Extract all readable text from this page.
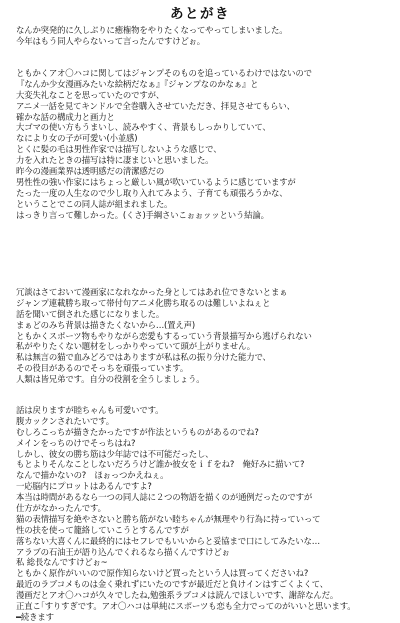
あとがき
なんか突発的に久しぶりに癒権物をやりたくなってやってしまいました。
今年はもう同人やらないって言ったんですけどぉ。
ともかくアオ〇ハコに関してはジャンプそのものを追っているわけではないので
『なんか少女漫画みたいな絵柄だなぁ』『ジャンプなのかなぁ』と
大変失礼なことを思っていたのですが、
アニメ一話を見てキンドルで全巻購入させていただき、拝見させてもらい、
確かな話の構成力と画力と
大ゴマの使い方もうまいし、読みやすく、背景もしっかりしていて、
なにより女の子が可愛い(小並感)
とくに髪の毛は男性作家では描写しないような感じで、
力を入れたときの描写は特に凄まじいと思いました。
昨今の漫画業界は透明感だの清潔感だの
男性性の強い作家にはちょっと厳しい風が吹いているように感じていますが
たった一度の人生なので少し取り入れてみよう、子育ても頑張ろうかな、
ということでこの同人誌が組まれました。
はっきり言って難しかった。(くさ)手綱さいこぉぉッッという結論。
冗談はさておいて漫画家になれなかった身としてはあれ位できないとまぁ
ジャンプ連載勝ち取って帯付句アニメ化勝ち取るのは難しいよねぇと
話を聞いて倒された感じになりました。
まぁどのみち背景は描きたくないから…(置え声)
ともかくスポーツ物もやりながら恋愛もするっていう背景描写から逃げられない
私がやりたくない題材をしっかりやっていて頭が上がりません。
私は無言の猫で血みどろではありますが私は私の振り分けた能力で、
その役目があるのでそっちを頑張っています。
人類は皆兄弟です。自分の役割を全うしましょう。
話は戻りますが睦ちゃんも可愛いです。
腹カックンされたいです。
むしろこっちが描きたかったですが作法というものがあるのでね?
メインをっちのけでそっちはね?
しかし、彼女の勝ち筋は少年誌では不可能だったし、
もとよりそんなことしないだろうけど誰か彼女をｉｆをね?　俺好みに描いて?
なんで描かないの?　ほぉっつかえねぇ。
一応脳内にプロットはあるんですよ?
本当は時間があるなら一つの同人誌に２つの物語を描くのが通例だったのですが
仕方がなかったんです。
猫の表情描写を絶やさないと勝ち筋がない睦ちゃんが無理やり行為に持っていって
性の扶を使って籠絡していこうとするんですが
落ちない大喜くんに最終的にはセフレでもいいからと妥協まで口にしてみたいな…
アラブの石油王が語り込んでくれるなら描くんですけどぉ
私 総長なんですけどぉ~
ともかく原作がいいので原作知らないけど買ったという人は買ってくださいね?
最近のラブコメものは金く乗れずにいたのですが最近だと負けインはすごくよくて、
漫画だとアオ〇ハコが久々でしたね,勉強系ラブコメは読んでほしいです、謝辞なんだ。
正直こ｢すりすぎです。アオ〇ハコは単純にスポーツも恋も全力でってのがいいと思います。
━続きます
